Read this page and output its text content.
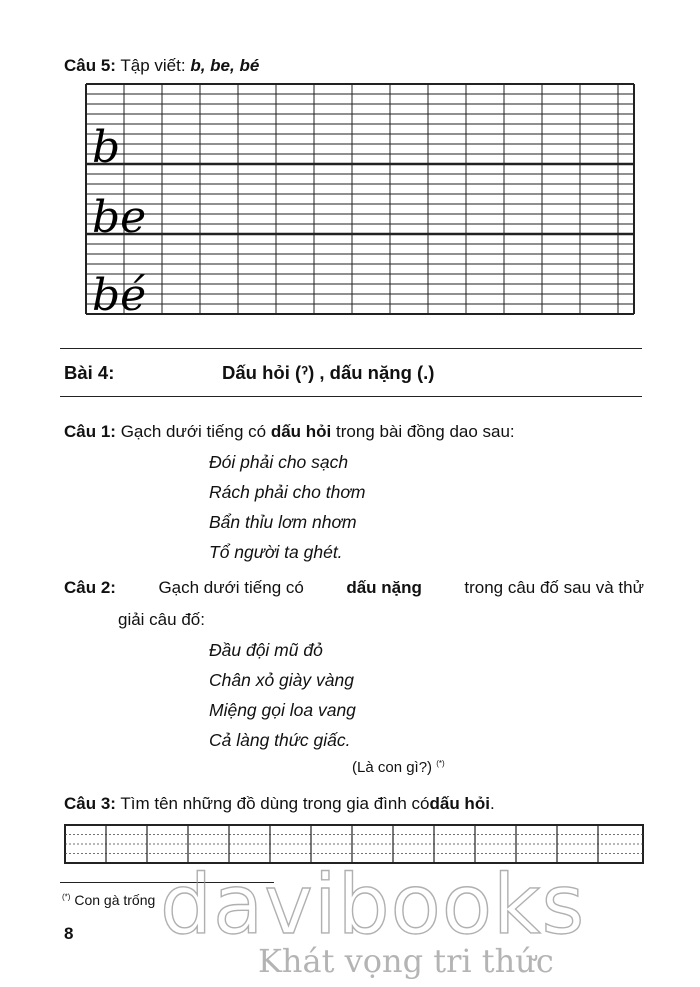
Câu 5: Tập viết: b, be, bé
b
be
bé
Bài 4:	Dấu hỏi (ˀ) , dấu nặng (.)
Câu 1: Gạch dưới tiếng có dấu hỏi trong bài đồng dao sau:
Đói phải cho sạch
Rách phải cho thơm
Bẩn thỉu lơm nhơm
Tổ người ta ghét.
Câu 2: Gạch dưới tiếng có dấu nặng trong câu đố sau và thử
giải câu đố:
Đầu đội mũ đỏ
Chân xỏ giày vàng
Miệng gọi loa vang
Cả làng thức giấc.
(Là con gì?) (*)
Câu 3: Tìm tên những đồ dùng trong gia đình códấu hỏi.
(*) Con gà trống
8 davibooks
Khát vọng tri thức
